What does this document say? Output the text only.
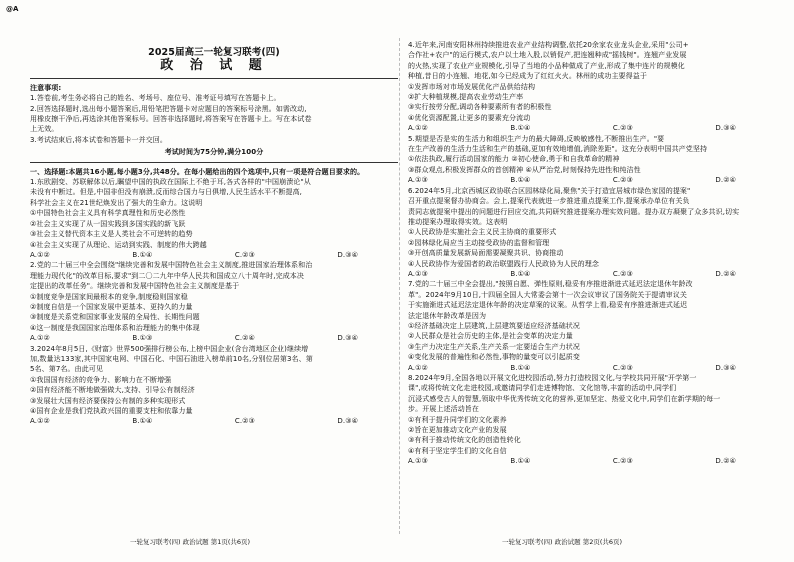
@A
2025届高三一轮复习联考(四)
政 治 试 题

注意事项:

1.答卷前,考生务必将自己的姓名、考场号、座位号、准考证号填写在答题卡上。

2.回答选择题时,选出每小题答案后,用铅笔把答题卡对应题目的答案标号涂黑。如需改动,

用橡皮擦干净后,再选涂其他答案标号。回答非选择题时,将答案写在答题卡上。写在本试卷

上无效。

3.考试结束后,将本试卷和答题卡一并交回。

考试时间为75分钟,满分100分

一、选择题:本题共16小题,每小题3分,共48分。在每小题给出的四个选项中,只有一项是符合题目要求的。

1.东欧剧变、苏联解体以后,瞩望中国的执政在国际上不绝于耳,各式各样的"中国崩溃论"从

未没有中断过。但是,中国非但没有崩溃,反而综合国力与日俱增,人民生活水平不断提高,

科学社会主义在21世纪焕发出了强大的生命力。这说明

①中国特色社会主义具有科学真理性和历史必然性

②社会主义实现了从一国实践到多国实践的新飞跃

③社会主义替代资本主义是人类社会不可逆转的趋势

④社会主义实现了从理论、运动到实践、制度的伟大跨越

A.①②	B.①④	C.②③	D.③④

2.党的二十届三中全会围绕"继续完善和发展中国特色社会主义制度,推进国家治理体系和治

理能力现代化"的改革目标,要求"到二〇二九年中华人民共和国成立八十周年时,完成本决

定提出的改革任务"。继续完善和发展中国特色社会主义制度是基于

①制度竞争是国家间最根本的竞争,制度稳则国家稳

②制度自信是一个国家发展中更基本、更持久的力量

③制度是关系党和国家事业发展的全局性、长期性问题

④这一制度是我国国家治理体系和治理能力的集中体现

A.①②	B.①③	C.②④	D.③④

3.2024年8月5日,《财富》世界500强排行榜公布,上榜中国企业(含台湾地区企业)继续增

加,数量达133家,其中国家电网、中国石化、中国石油进入榜单前10名,分别位居第3名、第

5名、第7名。由此可见

①我国国有经济的竞争力、影响力在不断增强

②国有经济能不断地做强做大,支持、引导公有制经济

③发展壮大国有经济要保持公有制的多种实现形式

④国有企业是我们党执政兴国的重要支柱和依靠力量

A.①②	B.①④	C.②③	D.③④

4.近年来,河南安阳林州持续推进农业产业结构调整,依托20余家农业龙头企业,采用"公司+

合作社+农户"的运行模式,农户以土地入股,以销促产,把连翘种成"摇钱树"。连翘产业发展

的火热,实现了农业产业规模化,引导了当地的小品种做成了产业,形成了集中连片的规模化

种植,昔日的小连翘、地花,如今已经成为了红红火火。林州的成功主要得益于

①发挥市场对市场发展优化产品供给结构

②扩大种植规模,提高农业劳动生产率

③实行按劳分配,调动各种要素所有者的积极性

④优化资源配置,让更多的要素充分流动

A.①②	B.①④	C.②③	D.③④

5.期望是否是实的生活力和组织生产力的最大障碍,反映敏感性,不断推出生产。"要

在生产改善的生活力生活和生产的基础,更加有效地增值,消除差距"。这充分表明中国共产党坚持

①依法执政,履行活动国家的能力 ②初心使命,勇于和自我革命的精神

③群众观点,积极发挥群众的首创精神 ④从严治党,时刻保持先进性和纯洁性

A.①③	B.①④	C.②③	D.②④

6.2024年5月,北京西城区政协联合区园林绿化局,聚焦"关于打造宜居城市绿色家园的提案"

召开重点提案督办协商会。会上,提案代表就进一步推进重点提案工作,提案承办单位有关负

责同志就提案中提出的问题进行回应交流,共同研究推进提案办理实效问题。提办双方凝聚了众多共识,切实

推动提案办理取得实效。这表明

①人民政协是实施社会主义民主协商的重要形式

②园林绿化局应当主动接受政协的监督和管理

③开创高质量发展新局面需要凝聚共识、协商推动

④人民政协作为爱国者的政治联盟践行人民政协为人民的理念

A.①③	B.①④	C.②③	D.②④

7.党的二十届三中全会提出,"按照自愿、弹性原则,稳妥有序推进渐进式延迟法定退休年龄改

革"。2024年9月10日,十四届全国人大常委会第十一次会议审议了国务院关于提请审议关

于实施渐进式延迟法定退休年龄的决定草案的议案。从哲学上看,稳妥有序推进渐进式延迟

法定退休年龄改革是因为

①经济基础决定上层建筑,上层建筑要适应经济基础状况

②人民群众是社会历史的主体,是社会变革的决定力量

③生产力决定生产关系,生产关系一定要适合生产力状况

④变化发展的普遍性和必然性,事物的量变可以引起质变

A.①②	B.①④	C.②③	D.③④

8.2024年9月,全国各地以开展文化进校园活动,努力打造校园文化,与学校共同开展"开学第一

课",或将传统文化走进校园,或邀请同学们走进博物馆、文化馆等,丰富的活动中,同学们

沉浸式感受古人的智慧,领取中华优秀传统文化的营养,更加坚定、热爱文化中,同学们在新学期的每一

步。开展上述活动旨在

①有利于提升同学们的文化素养

②旨在更加推动文化产业的发展

③有利于推动传统文化的创造性转化

④有利于坚定学生们的文化自信

A.①③	B.①④	C.②③	D.②④
一轮复习联考(四) 政治试题 第1页(共6页)	一轮复习联考(四) 政治试题 第2页(共6页)
